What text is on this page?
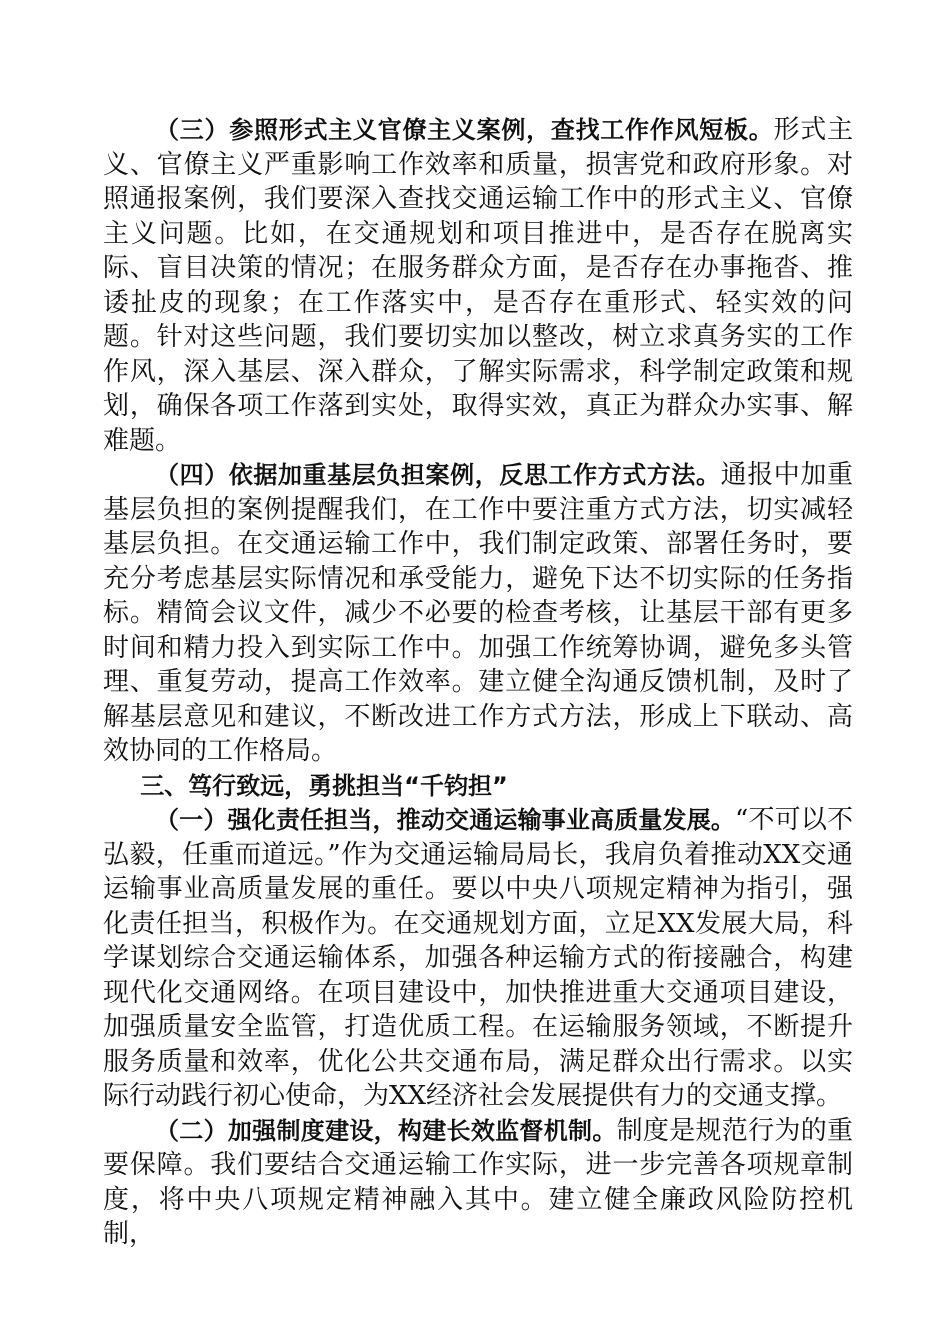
（三）参照形式主义官僚主义案例，查找工作作风短板。形式主义、官僚主义严重影响工作效率和质量，损害党和政府形象。对照通报案例，我们要深入查找交通运输工作中的形式主义、官僚主义问题。比如，在交通规划和项目推进中，是否存在脱离实际、盲目决策的情况；在服务群众方面，是否存在办事拖沓、推诿扯皮的现象；在工作落实中，是否存在重形式、轻实效的问题。针对这些问题，我们要切实加以整改，树立求真务实的工作作风，深入基层、深入群众，了解实际需求，科学制定政策和规划，确保各项工作落到实处，取得实效，真正为群众办实事、解难题。

（四）依据加重基层负担案例，反思工作方式方法。通报中加重基层负担的案例提醒我们，在工作中要注重方式方法，切实减轻基层负担。在交通运输工作中，我们制定政策、部署任务时，要充分考虑基层实际情况和承受能力，避免下达不切实际的任务指标。精简会议文件，减少不必要的检查考核，让基层干部有更多时间和精力投入到实际工作中。加强工作统筹协调，避免多头管理、重复劳动，提高工作效率。建立健全沟通反馈机制，及时了解基层意见和建议，不断改进工作方式方法，形成上下联动、高效协同的工作格局。

三、笃行致远，勇挑担当“千钧担”

（一）强化责任担当，推动交通运输事业高质量发展。“不可以不弘毅，任重而道远。”作为交通运输局局长，我肩负着推动XX交通运输事业高质量发展的重任。要以中央八项规定精神为指引，强化责任担当，积极作为。在交通规划方面，立足XX发展大局，科学谋划综合交通运输体系，加强各种运输方式的衔接融合，构建现代化交通网络。在项目建设中，加快推进重大交通项目建设，加强质量安全监管，打造优质工程。在运输服务领域，不断提升服务质量和效率，优化公共交通布局，满足群众出行需求。以实际行动践行初心使命，为XX经济社会发展提供有力的交通支撑。

（二）加强制度建设，构建长效监督机制。制度是规范行为的重要保障。我们要结合交通运输工作实际，进一步完善各项规章制度，将中央八项规定精神融入其中。建立健全廉政风险防控机制，
